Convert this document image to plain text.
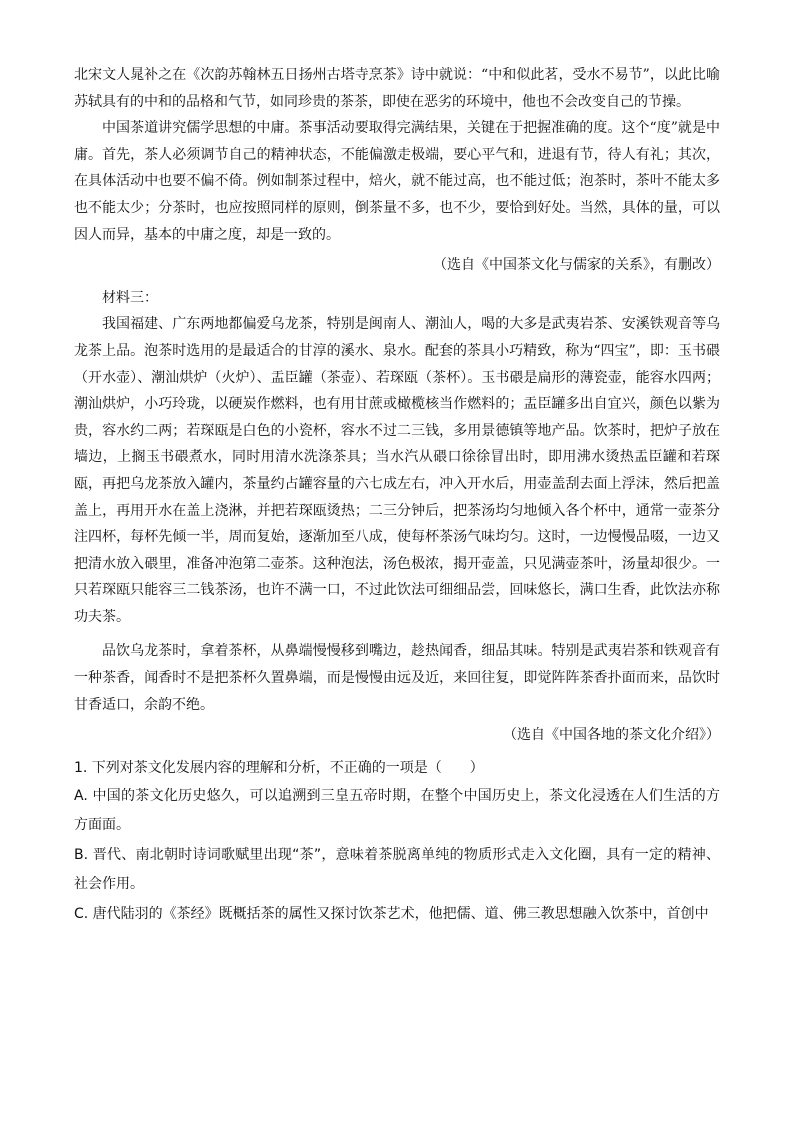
北宋文人晁补之在《次韵苏翰林五日扬州古塔寺烹茶》诗中就说：“中和似此茗，受水不易节”，以此比喻苏轼具有的中和的品格和气节，如同珍贵的茶茶，即使在恶劣的环境中，他也不会改变自己的节操。

中国茶道讲究儒学思想的中庸。茶事活动要取得完满结果，关键在于把握准确的度。这个“度”就是中庸。首先，茶人必须调节自己的精神状态，不能偏激走极端，要心平气和，进退有节，待人有礼；其次，在具体活动中也要不偏不倚。例如制茶过程中，焙火，就不能过高，也不能过低；泡茶时，茶叶不能太多也不能太少；分茶时，也应按照同样的原则，倒茶量不多，也不少，要恰到好处。当然，具体的量，可以因人而异，基本的中庸之度，却是一致的。

（选自《中国茶文化与儒家的关系》，有删改）

材料三：

我国福建、广东两地都偏爱乌龙茶，特别是闽南人、潮汕人，喝的大多是武夷岩茶、安溪铁观音等乌龙茶上品。泡茶时选用的是最适合的甘淳的溪水、泉水。配套的茶具小巧精致，称为“四宝”，即：玉书碨（开水壶）、潮汕烘炉（火炉）、盂臣罐（茶壶）、若琛瓯（茶杯）。玉书碨是扁形的薄瓷壶，能容水四两；潮汕烘炉，小巧玲珑，以硬炭作燃料，也有用甘蔗或橄榄核当作燃料的；盂臣罐多出自宜兴，颜色以紫为贵，容水约二两；若琛瓯是白色的小瓷杯，容水不过二三钱，多用景德镇等地产品。饮茶时，把炉子放在墙边，上搁玉书碨煮水，同时用清水洗涤茶具；当水汽从碨口徐徐冒出时，即用沸水烫热盂臣罐和若琛瓯，再把乌龙茶放入罐内，茶量约占罐容量的六七成左右，冲入开水后，用壶盖刮去面上浮沫，然后把盖盖上，再用开水在盖上浇淋，并把若琛瓯烫热；二三分钟后，把茶汤均匀地倾入各个杯中，通常一壶茶分注四杯，每杯先倾一半，周而复始，逐渐加至八成，使每杯茶汤气味均匀。这时，一边慢慢品啜，一边又把清水放入碨里，准备冲泡第二壶茶。这种泡法，汤色极浓，揭开壶盖，只见满壶茶叶，汤量却很少。一只若琛瓯只能容三二钱茶汤，也许不满一口，不过此饮法可细细品尝，回味悠长，满口生香，此饮法亦称功夫茶。

品饮乌龙茶时，拿着茶杯，从鼻端慢慢移到嘴边，趁热闻香，细品其味。特别是武夷岩茶和铁观音有一种茶香，闻香时不是把茶杯久置鼻端，而是慢慢由远及近，来回往复，即觉阵阵茶香扑面而来，品饮时甘香适口，余韵不绝。

（选自《中国各地的茶文化介绍》）

1. 下列对茶文化发展内容的理解和分析，不正确的一项是（　　）

A. 中国的茶文化历史悠久，可以追溯到三皇五帝时期，在整个中国历史上，茶文化浸透在人们生活的方方面面。

B. 晋代、南北朝时诗词歌赋里出现“茶”，意味着茶脱离单纯的物质形式走入文化圈，具有一定的精神、社会作用。

C. 唐代陆羽的《茶经》既概括茶的属性又探讨饮茶艺术，他把儒、道、佛三教思想融入饮茶中，首创中
